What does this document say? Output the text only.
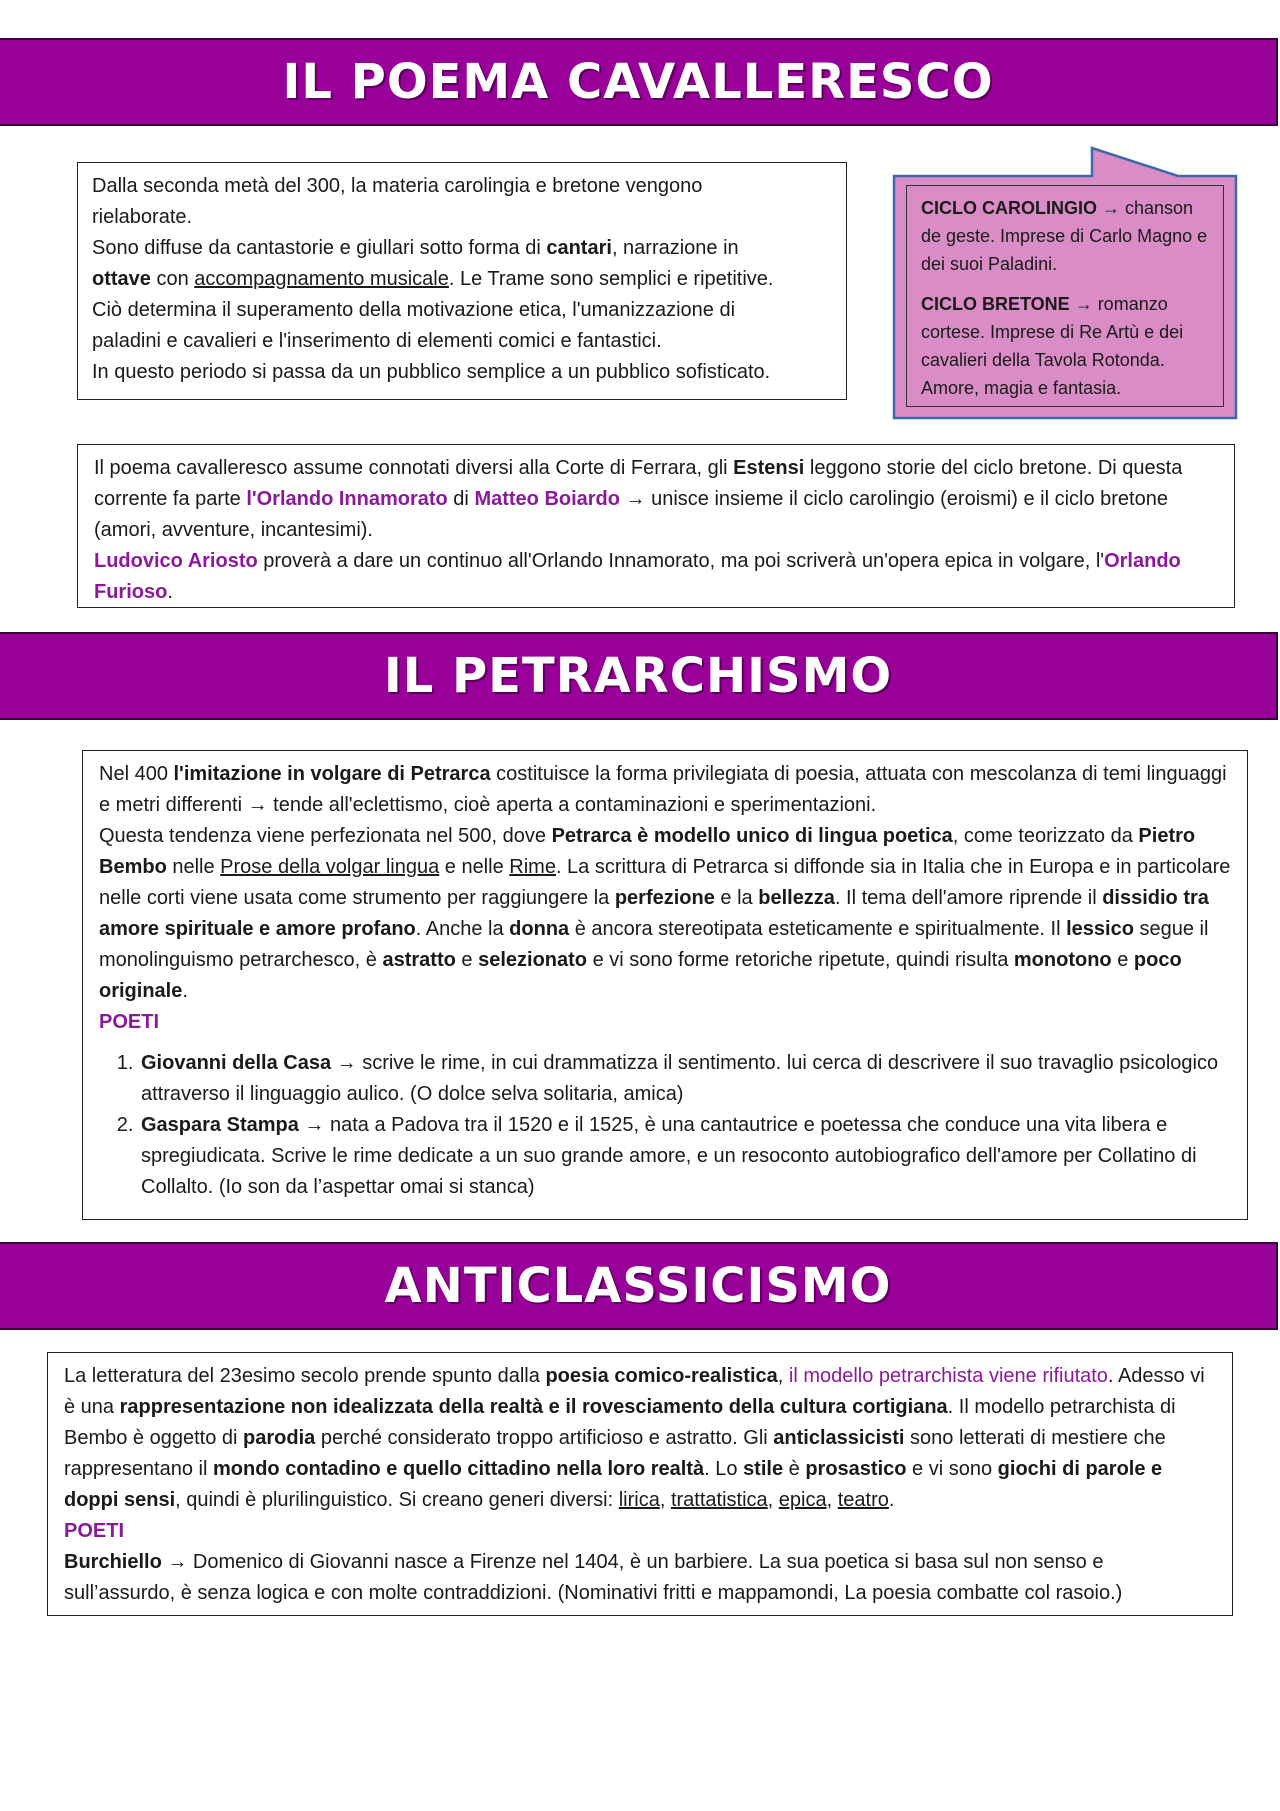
IL POEMA CAVALLERESCO

Dalla seconda metà del 300, la materia carolingia e bretone vengono

rielaborate.

Sono diffuse da cantastorie e giullari sotto forma di cantari, narrazione in

ottave con accompagnamento musicale. Le Trame sono semplici e ripetitive.

Ciò determina il superamento della motivazione etica, l'umanizzazione di

paladini e cavalieri e l'inserimento di elementi comici e fantastici.

In questo periodo si passa da un pubblico semplice a un pubblico sofisticato.

CICLO CAROLINGIO → chanson de geste. Imprese di Carlo Magno e dei suoi Paladini.

CICLO BRETONE → romanzo cortese. Imprese di Re Artù e dei cavalieri della Tavola Rotonda. Amore, magia e fantasia.

Il poema cavalleresco assume connotati diversi alla Corte di Ferrara, gli Estensi leggono storie del ciclo bretone. Di questa corrente fa parte l'Orlando Innamorato di Matteo Boiardo → unisce insieme il ciclo carolingio (eroismi) e il ciclo bretone (amori, avventure, incantesimi).

Ludovico Ariosto proverà a dare un continuo all'Orlando Innamorato, ma poi scriverà un'opera epica in volgare, l'Orlando Furioso.

IL PETRARCHISMO

Nel 400 l'imitazione in volgare di Petrarca costituisce la forma privilegiata di poesia, attuata con mescolanza di temi linguaggi e metri differenti → tende all'eclettismo, cioè aperta a contaminazioni e sperimentazioni.

Questa tendenza viene perfezionata nel 500, dove Petrarca è modello unico di lingua poetica, come teorizzato da Pietro Bembo nelle Prose della volgar lingua e nelle Rime. La scrittura di Petrarca si diffonde sia in Italia che in Europa e in particolare nelle corti viene usata come strumento per raggiungere la perfezione e la bellezza. Il tema dell'amore riprende il dissidio tra amore spirituale e amore profano. Anche la donna è ancora stereotipata esteticamente e spiritualmente. Il lessico segue il monolinguismo petrarchesco, è astratto e selezionato e vi sono forme retoriche ripetute, quindi risulta monotono e poco originale.

POETI

1. Giovanni della Casa → scrive le rime, in cui drammatizza il sentimento. lui cerca di descrivere il suo travaglio psicologico attraverso il linguaggio aulico. (O dolce selva solitaria, amica)
2. Gaspara Stampa → nata a Padova tra il 1520 e il 1525, è una cantautrice e poetessa che conduce una vita libera e spregiudicata. Scrive le rime dedicate a un suo grande amore, e un resoconto autobiografico dell'amore per Collatino di Collalto. (Io son da l’aspettar omai si stanca)
ANTICLASSICISMO

La letteratura del 23esimo secolo prende spunto dalla poesia comico-realistica, il modello petrarchista viene rifiutato. Adesso vi è una rappresentazione non idealizzata della realtà e il rovesciamento della cultura cortigiana. Il modello petrarchista di Bembo è oggetto di parodia perché considerato troppo artificioso e astratto. Gli anticlassicisti sono letterati di mestiere che rappresentano il mondo contadino e quello cittadino nella loro realtà. Lo stile è prosastico e vi sono giochi di parole e doppi sensi, quindi è plurilinguistico. Si creano generi diversi: lirica, trattatistica, epica, teatro.

POETI

Burchiello → Domenico di Giovanni nasce a Firenze nel 1404, è un barbiere. La sua poetica si basa sul non senso e sull’assurdo, è senza logica e con molte contraddizioni. (Nominativi fritti e mappamondi, La poesia combatte col rasoio.)
